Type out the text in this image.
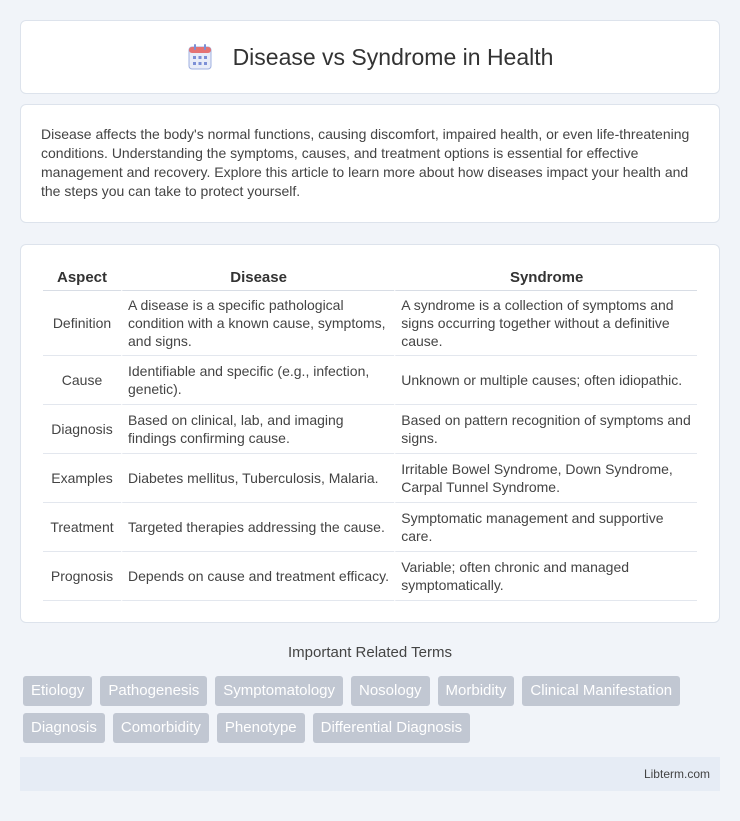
Disease vs Syndrome in Health

Disease affects the body's normal functions, causing discomfort, impaired health, or even life-threatening conditions. Understanding the symptoms, causes, and treatment options is essential for effective management and recovery. Explore this article to learn more about how diseases impact your health and the steps you can take to protect yourself.

Aspect	Disease	Syndrome
Definition	A disease is a specific pathological condition with a known cause, symptoms, and signs.	A syndrome is a collection of symptoms and signs occurring together without a definitive cause.
Cause	Identifiable and specific (e.g., infection, genetic).	Unknown or multiple causes; often idiopathic.
Diagnosis	Based on clinical, lab, and imaging findings confirming cause.	Based on pattern recognition of symptoms and signs.
Examples	Diabetes mellitus, Tuberculosis, Malaria.	Irritable Bowel Syndrome, Down Syndrome, Carpal Tunnel Syndrome.
Treatment	Targeted therapies addressing the cause.	Symptomatic management and supportive care.
Prognosis	Depends on cause and treatment efficacy.	Variable; often chronic and managed symptomatically.
Important Related Terms
Etiology	Pathogenesis	Symptomatology	Nosology	Morbidity	Clinical Manifestation
Diagnosis	Comorbidity	Phenotype	Differential Diagnosis
Libterm.com
